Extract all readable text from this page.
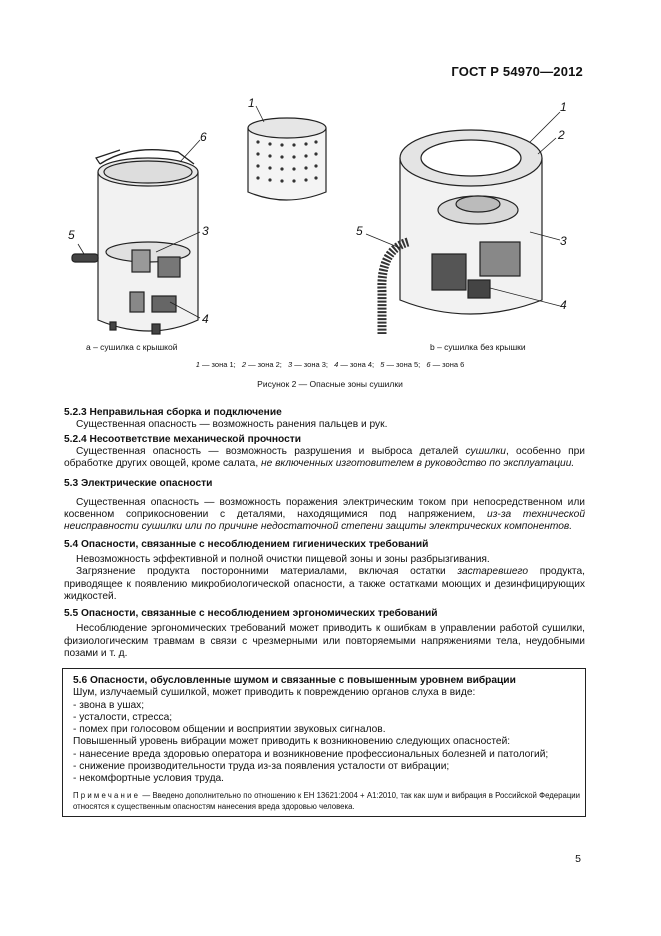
ГОСТ Р 54970—2012
6
5	3
4
1	1
2
3
4
5
a – сушилка с крышкой	b – сушилка без крышки
1 — зона 1; 2 — зона 2; 3 — зона 3; 4 — зона 4; 5 — зона 5; 6 — зона 6
Рисунок 2 — Опасные зоны сушилки
5.2.3 Неправильная сборка и подключение
Существенная опасность — возможность ранения пальцев и рук.
5.2.4 Несоответствие механической прочности
Существенная опасность — возможность разрушения и выброса деталей сушилки, особенно при обработке других овощей, кроме салата, не включенных изготовителем в руководство по эксплуатации.
5.3 Электрические опасности
Существенная опасность — возможность поражения электрическим током при непосредственном или косвенном соприкосновении с деталями, находящимися под напряжением, из-за технической неисправности сушилки или по причине недостаточной степени защиты электрических компонентов.
5.4 Опасности, связанные с несоблюдением гигиенических требований
Невозможность эффективной и полной очистки пищевой зоны и зоны разбрызгивания.
Загрязнение продукта посторонними материалами, включая остатки застаревшего продукта, приводящее к появлению микробиологической опасности, а также остатками моющих и дезинфицирующих жидкостей.
5.5 Опасности, связанные с несоблюдением эргономических требований
Несоблюдение эргономических требований может приводить к ошибкам в управлении работой сушилки, физиологическим травмам в связи с чрезмерными или повторяемыми напряжениями тела, неудобными позами и т. д.
5.6 Опасности, обусловленные шумом и связанные с повышенным уровнем вибрации
Шум, излучаемый сушилкой, может приводить к повреждению органов слуха в виде:
- звона в ушах;
- усталости, стресса;
- помех при голосовом общении и восприятии звуковых сигналов.
Повышенный уровень вибрации может приводить к возникновению следующих опасностей:
- нанесение вреда здоровью оператора и возникновение профессиональных болезней и патологий;
- снижение производительности труда из-за появления усталости от вибрации;
- некомфортные условия труда.
Примечание — Введено дополнительно по отношению к ЕН 13621:2004 + А1:2010, так как шум и вибрация в Российской Федерации относятся к существенным опасностям нанесения вреда здоровью человека.
5
